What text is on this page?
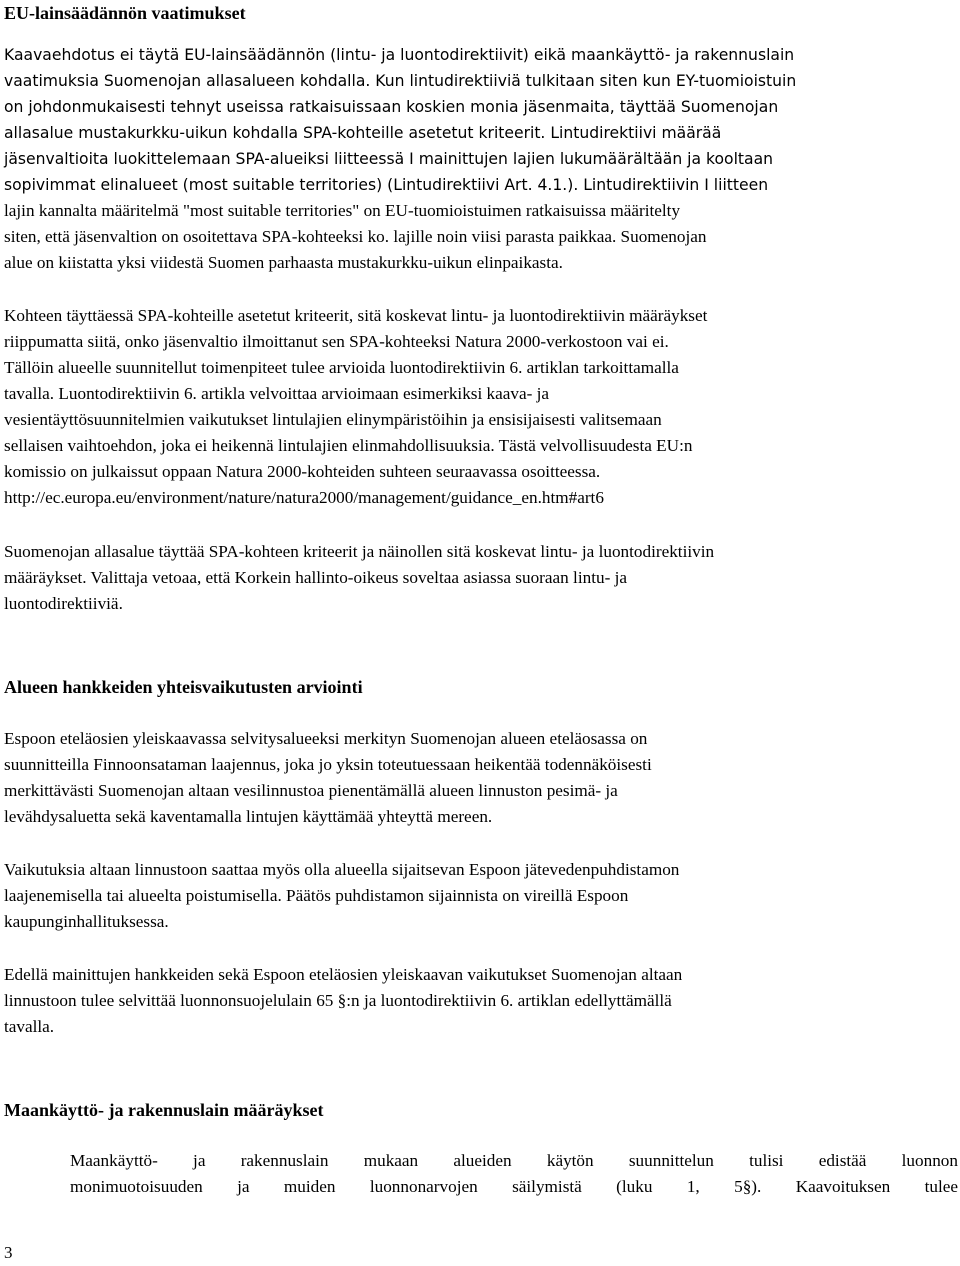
EU-lainsäädännön vaatimukset
Kaavaehdotus ei täytä EU-lainsäädännön (lintu- ja luontodirektiivit) eikä maankäyttö- ja rakennuslain
vaatimuksia Suomenojan allasalueen kohdalla. Kun lintudirektiiviä tulkitaan siten kun EY-tuomioistuin
on johdonmukaisesti tehnyt useissa ratkaisuissaan koskien monia jäsenmaita, täyttää Suomenojan
allasalue mustakurkku-uikun kohdalla SPA-kohteille asetetut kriteerit. Lintudirektiivi määrää
jäsenvaltioita luokittelemaan SPA-alueiksi liitteessä I mainittujen lajien lukumäärältään ja kooltaan
sopivimmat elinalueet (most suitable territories) (Lintudirektiivi Art. 4.1.). Lintudirektiivin I liitteen
lajin kannalta määritelmä "most suitable territories" on EU-tuomioistuimen ratkaisuissa määritelty
siten, että jäsenvaltion on osoitettava SPA-kohteeksi ko. lajille noin viisi parasta paikkaa. Suomenojan
alue on kiistatta yksi viidestä Suomen parhaasta mustakurkku-uikun elinpaikasta.
Kohteen täyttäessä SPA-kohteille asetetut kriteerit, sitä koskevat lintu- ja luontodirektiivin määräykset
riippumatta siitä, onko jäsenvaltio ilmoittanut sen SPA-kohteeksi Natura 2000-verkostoon vai ei.
Tällöin alueelle suunnitellut toimenpiteet tulee arvioida luontodirektiivin 6. artiklan tarkoittamalla
tavalla. Luontodirektiivin 6. artikla velvoittaa arvioimaan esimerkiksi kaava- ja
vesientäyttösuunnitelmien vaikutukset lintulajien elinympäristöihin ja ensisijaisesti valitsemaan
sellaisen vaihtoehdon, joka ei heikennä lintulajien elinmahdollisuuksia. Tästä velvollisuudesta EU:n
komissio on julkaissut oppaan Natura 2000-kohteiden suhteen seuraavassa osoitteessa.
http://ec.europa.eu/environment/nature/natura2000/management/guidance_en.htm#art6
Suomenojan allasalue täyttää SPA-kohteen kriteerit ja näinollen sitä koskevat lintu- ja luontodirektiivin
määräykset. Valittaja vetoaa, että Korkein hallinto-oikeus soveltaa asiassa suoraan lintu- ja
luontodirektiiviä.
Alueen hankkeiden yhteisvaikutusten arviointi
Espoon eteläosien yleiskaavassa selvitysalueeksi merkityn Suomenojan alueen eteläosassa on
suunnitteilla Finnoonsataman laajennus, joka jo yksin toteutuessaan heikentää todennäköisesti
merkittävästi Suomenojan altaan vesilinnustoa pienentämällä alueen linnuston pesimä- ja
levähdysaluetta sekä kaventamalla lintujen käyttämää yhteyttä mereen.
Vaikutuksia altaan linnustoon saattaa myös olla alueella sijaitsevan Espoon jätevedenpuhdistamon
laajenemisella tai alueelta poistumisella. Päätös puhdistamon sijainnista on vireillä Espoon
kaupunginhallituksessa.
Edellä mainittujen hankkeiden sekä Espoon eteläosien yleiskaavan vaikutukset Suomenojan altaan
linnustoon tulee selvittää luonnonsuojelulain 65 §:n ja luontodirektiivin 6. artiklan edellyttämällä
tavalla.
Maankäyttö- ja rakennuslain määräykset
Maankäyttö- ja rakennuslain mukaan alueiden käytön suunnittelun tulisi edistää luonnon
monimuotoisuuden ja muiden luonnonarvojen säilymistä (luku 1, 5§). Kaavoituksen tulee
3
